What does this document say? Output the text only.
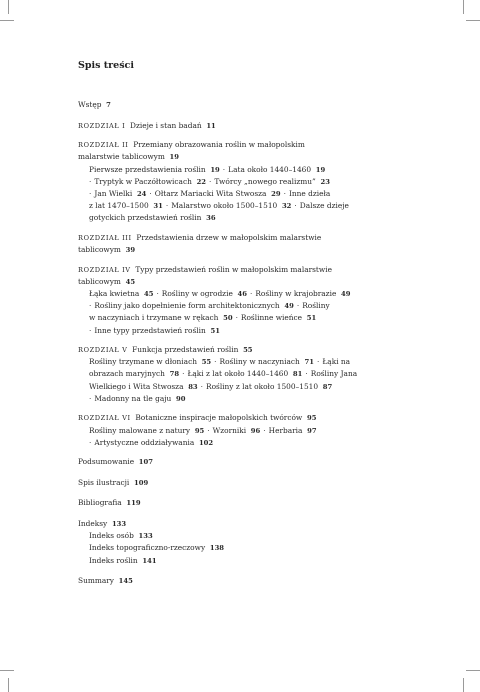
Spis treści
Wstęp 7
ROZDZIAŁ I Dzieje i stan badań 11
ROZDZIAŁ II Przemiany obrazowania roślin w małopolskim
malarstwie tablicowym 19
Pierwsze przedstawienia roślin 19 · Lata około 1440–1460 19
· Tryptyk w Paczółtowicach 22 · Twórcy „nowego realizmu” 23
· Jan Wielki 24 · Ołtarz Mariacki Wita Stwosza 29 · Inne dzieła
z lat 1470–1500 31 · Malarstwo około 1500–1510 32 · Dalsze dzieje
gotyckich przedstawień roślin 36
ROZDZIAŁ III Przedstawienia drzew w małopolskim malarstwie
tablicowym 39
ROZDZIAŁ IV Typy przedstawień roślin w małopolskim malarstwie
tablicowym 45
Łąka kwietna 45 · Rośliny w ogrodzie 46 · Rośliny w krajobrazie 49
· Rośliny jako dopełnienie form architektonicznych 49 · Rośliny
w naczyniach i trzymane w rękach 50 · Roślinne wieńce 51
· Inne typy przedstawień roślin 51
ROZDZIAŁ V Funkcja przedstawień roślin 55
Rośliny trzymane w dłoniach 55 · Rośliny w naczyniach 71 · Łąki na
obrazach maryjnych 78 · Łąki z lat około 1440–1460 81 · Rośliny Jana
Wielkiego i Wita Stwosza 83 · Rośliny z lat około 1500–1510 87
· Madonny na tle gaju 90
ROZDZIAŁ VI Botaniczne inspiracje małopolskich twórców 95
Rośliny malowane z natury 95 · Wzorniki 96 · Herbaria 97
· Artystyczne oddziaływania 102
Podsumowanie 107
Spis ilustracji 109
Bibliografia 119
Indeksy 133
Indeks osób 133
Indeks topograficzno-rzeczowy 138
Indeks roślin 141
Summary 145
